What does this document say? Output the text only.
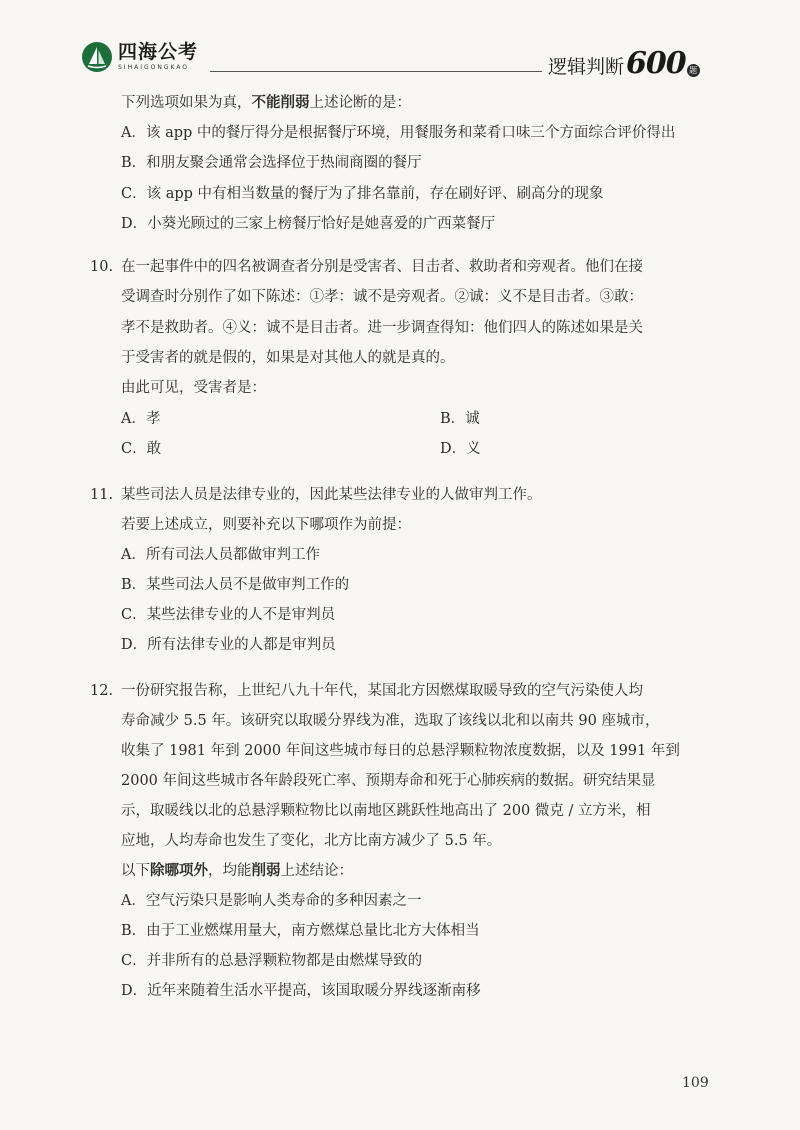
四海公考
SIHAIGONGKAO	逻辑判断 600 题
下列选项如果为真，不能削弱上述论断的是：
A．该 app 中的餐厅得分是根据餐厅环境，用餐服务和菜肴口味三个方面综合评价得出
B．和朋友聚会通常会选择位于热闹商圈的餐厅
C．该 app 中有相当数量的餐厅为了排名靠前，存在刷好评、刷高分的现象
D．小葵光顾过的三家上榜餐厅恰好是她喜爱的广西菜餐厅
10. 在一起事件中的四名被调查者分别是受害者、目击者、救助者和旁观者。他们在接
受调查时分别作了如下陈述：①孝：诚不是旁观者。②诚：义不是目击者。③敢：
孝不是救助者。④义：诚不是目击者。进一步调查得知：他们四人的陈述如果是关
于受害者的就是假的，如果是对其他人的就是真的。
由此可见，受害者是：
A．孝	B．诚
C．敢	D．义
11. 某些司法人员是法律专业的，因此某些法律专业的人做审判工作。
若要上述成立，则要补充以下哪项作为前提：
A．所有司法人员都做审判工作
B．某些司法人员不是做审判工作的
C．某些法律专业的人不是审判员
D．所有法律专业的人都是审判员
12. 一份研究报告称，上世纪八九十年代，某国北方因燃煤取暖导致的空气污染使人均
寿命减少 5.5 年。该研究以取暖分界线为准，选取了该线以北和以南共 90 座城市，
收集了 1981 年到 2000 年间这些城市每日的总悬浮颗粒物浓度数据，以及 1991 年到
2000 年间这些城市各年龄段死亡率、预期寿命和死于心肺疾病的数据。研究结果显
示，取暖线以北的总悬浮颗粒物比以南地区跳跃性地高出了 200 微克 / 立方米，相
应地，人均寿命也发生了变化，北方比南方减少了 5.5 年。
以下除哪项外，均能削弱上述结论：
A．空气污染只是影响人类寿命的多种因素之一
B．由于工业燃煤用量大，南方燃煤总量比北方大体相当
C．并非所有的总悬浮颗粒物都是由燃煤导致的
D．近年来随着生活水平提高，该国取暖分界线逐渐南移
109
